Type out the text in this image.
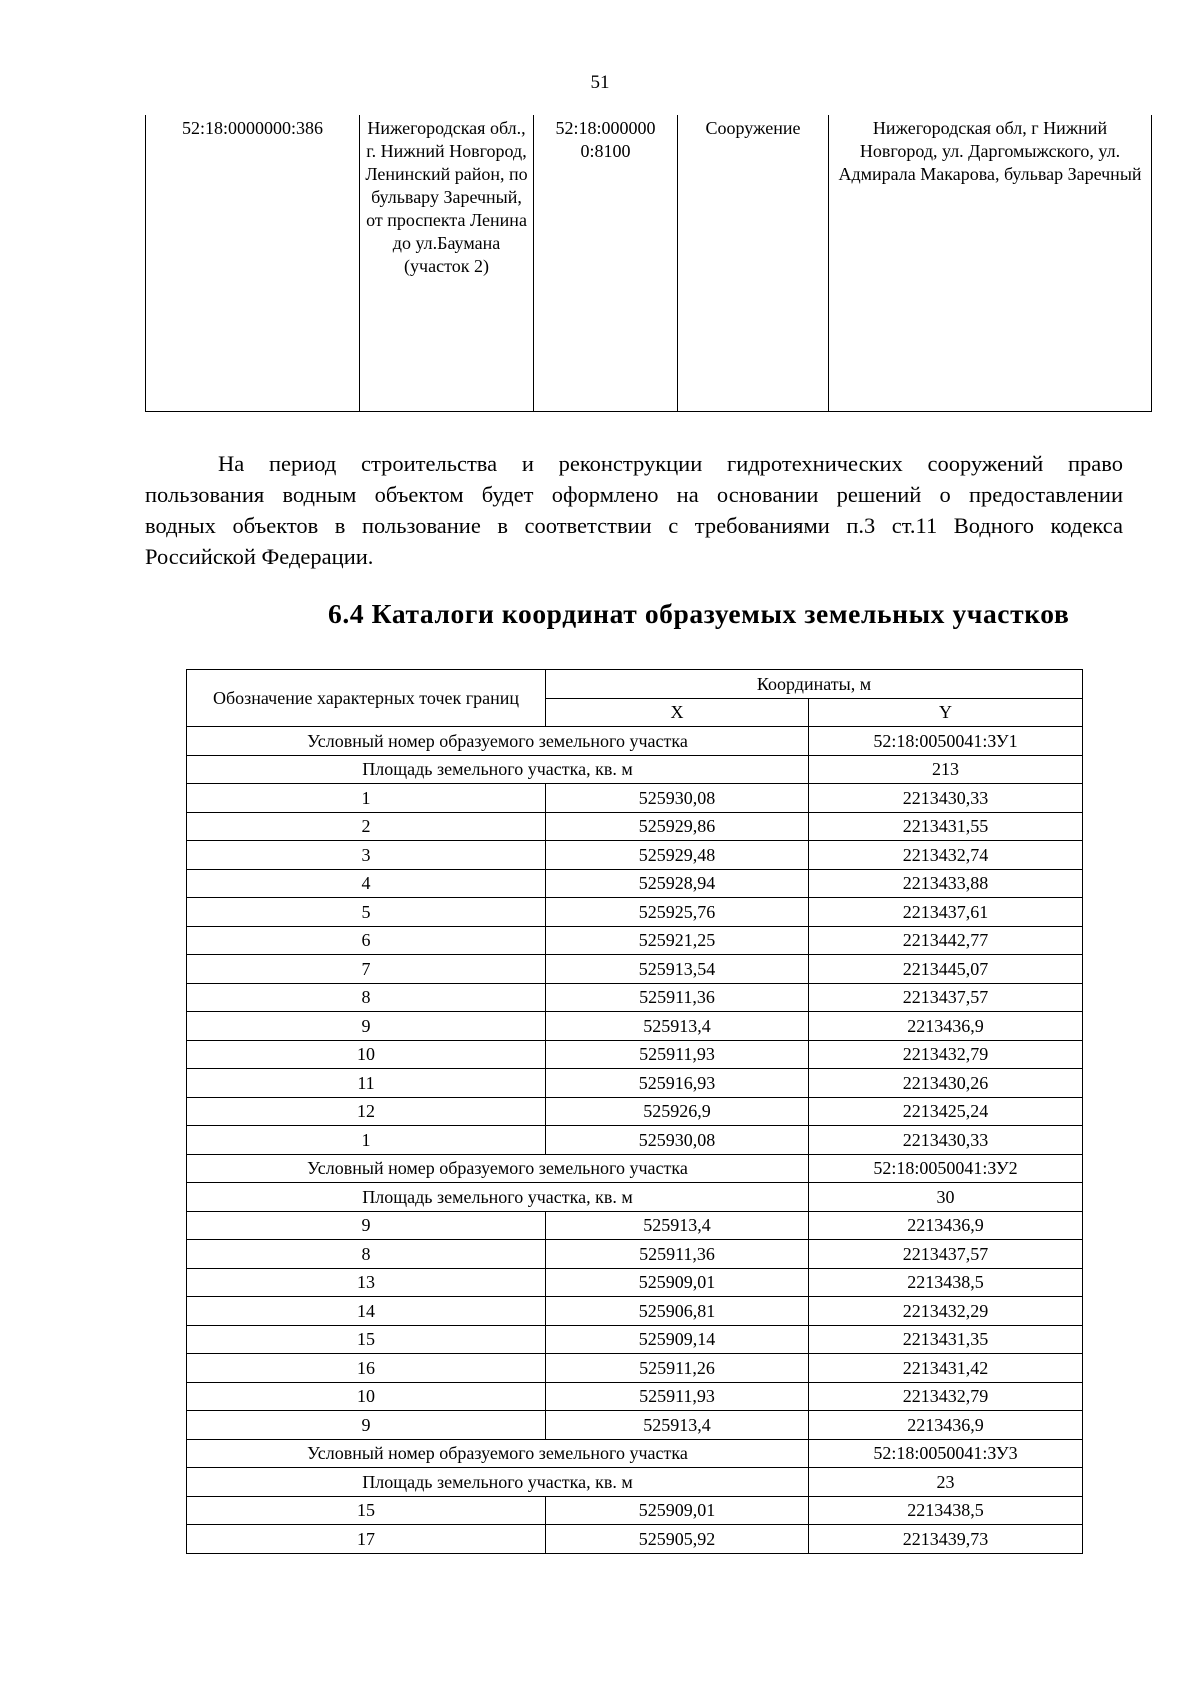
51
52:18:0000000:386	Нижегородская обл., г. Нижний Новгород, Ленинский район, по бульвару Заречный, от проспекта Ленина до ул.Баумана (участок 2)	52:18:000000 0:8100	Сооружение	Нижегородская обл, г Нижний Новгород, ул. Даргомыжского, ул. Адмирала Макарова, бульвар Заречный
На период строительства и реконструкции гидротехнических сооружений право
пользования водным объектом будет оформлено на основании решений о предоставлении
водных объектов в пользование в соответствии с требованиями п.3 ст.11 Водного кодекса
Российской Федерации.
6.4 Каталоги координат образуемых земельных участков
Обозначение характерных точек границ	Координаты, м	
	X	Y
Условный номер образуемого земельного участка		52:18:0050041:ЗУ1
Площадь земельного участка, кв. м		213
1	525930,08	2213430,33
2	525929,86	2213431,55
3	525929,48	2213432,74
4	525928,94	2213433,88
5	525925,76	2213437,61
6	525921,25	2213442,77
7	525913,54	2213445,07
8	525911,36	2213437,57
9	525913,4	2213436,9
10	525911,93	2213432,79
11	525916,93	2213430,26
12	525926,9	2213425,24
1	525930,08	2213430,33
Условный номер образуемого земельного участка		52:18:0050041:ЗУ2
Площадь земельного участка, кв. м		30
9	525913,4	2213436,9
8	525911,36	2213437,57
13	525909,01	2213438,5
14	525906,81	2213432,29
15	525909,14	2213431,35
16	525911,26	2213431,42
10	525911,93	2213432,79
9	525913,4	2213436,9
Условный номер образуемого земельного участка		52:18:0050041:ЗУ3
Площадь земельного участка, кв. м		23
15	525909,01	2213438,5
17	525905,92	2213439,73
